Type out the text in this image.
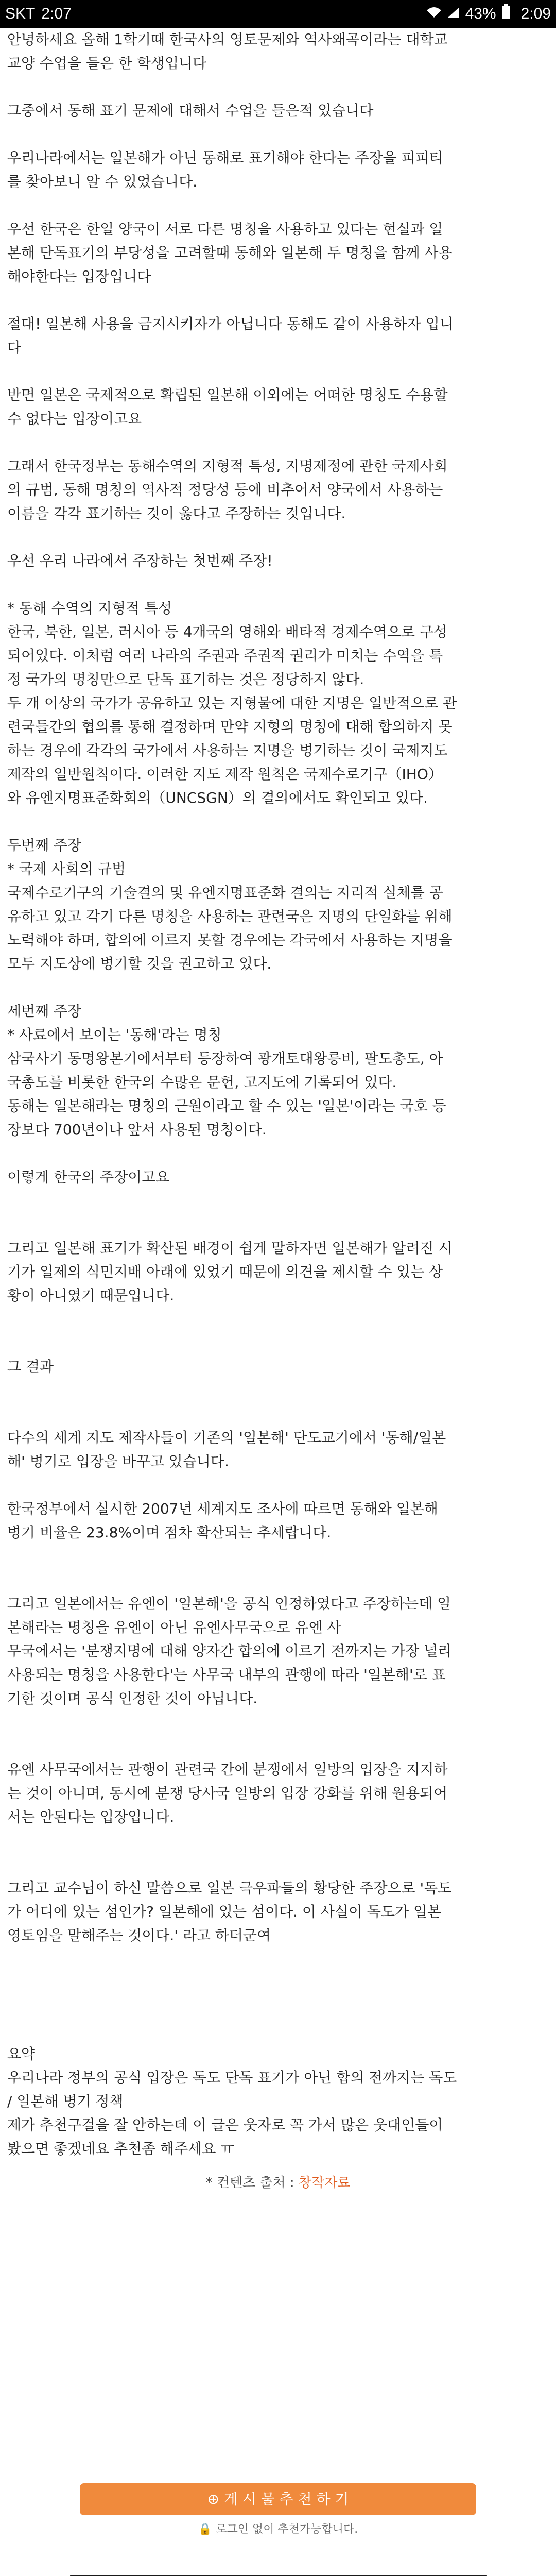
SKT 2:07	43% 2:09
안녕하세요 올해 1학기때 한국사의 영토문제와 역사왜곡이라는 대학교
교양 수업을 들은 한 학생입니다
그중에서 동해 표기 문제에 대해서 수업을 들은적 있습니다
우리나라에서는 일본해가 아닌 동해로 표기해야 한다는 주장을 피피티
를 찾아보니 알 수 있었습니다.
우선 한국은 한일 양국이 서로 다른 명칭을 사용하고 있다는 현실과 일
본해 단독표기의 부당성을 고려할때 동해와 일본해 두 명칭을 함께 사용
해야한다는 입장입니다
절대! 일본해 사용을 금지시키자가 아닙니다 동해도 같이 사용하자 입니
다
반면 일본은 국제적으로 확립된 일본해 이외에는 어떠한 명칭도 수용할
수 없다는 입장이고요
그래서 한국정부는 동해수역의 지형적 특성, 지명제정에 관한 국제사회
의 규범, 동해 명칭의 역사적 정당성 등에 비추어서 양국에서 사용하는
이름을 각각 표기하는 것이 옳다고 주장하는 것입니다.
우선 우리 나라에서 주장하는 첫번째 주장!
* 동해 수역의 지형적 특성
한국, 북한, 일본, 러시아 등 4개국의 영해와 배타적 경제수역으로 구성
되어있다. 이처럼 여러 나라의 주권과 주권적 권리가 미치는 수역을 특
정 국가의 명칭만으로 단독 표기하는 것은 정당하지 않다.
두 개 이상의 국가가 공유하고 있는 지형물에 대한 지명은 일반적으로 관
련국들간의 협의를 통해 결정하며 만약 지형의 명칭에 대해 합의하지 못
하는 경우에 각각의 국가에서 사용하는 지명을 병기하는 것이 국제지도
제작의 일반원칙이다. 이러한 지도 제작 원칙은 국제수로기구（IHO）
와 유엔지명표준화회의（UNCSGN）의 결의에서도 확인되고 있다.
두번째 주장
* 국제 사회의 규범
국제수로기구의 기술결의 및 유엔지명표준화 결의는 지리적 실체를 공
유하고 있고 각기 다른 명칭을 사용하는 관련국은 지명의 단일화를 위해
노력해야 하며, 합의에 이르지 못할 경우에는 각국에서 사용하는 지명을
모두 지도상에 병기할 것을 권고하고 있다.
세번째 주장
* 사료에서 보이는 '동해'라는 명칭
삼국사기 동명왕본기에서부터 등장하여 광개토대왕릉비, 팔도총도, 아
국총도를 비롯한 한국의 수많은 문헌, 고지도에 기록되어 있다.
동해는 일본해라는 명칭의 근원이라고 할 수 있는 '일본'이라는 국호 등
장보다 700년이나 앞서 사용된 명칭이다.
이렇게 한국의 주장이고요
그리고 일본해 표기가 확산된 배경이 쉽게 말하자면 일본해가 알려진 시
기가 일제의 식민지배 아래에 있었기 때문에 의견을 제시할 수 있는 상
황이 아니였기 때문입니다.
그 결과
다수의 세계 지도 제작사들이 기존의 '일본해' 단도교기에서 '동해/일본
해' 병기로 입장을 바꾸고 있습니다.
한국정부에서 실시한 2007년 세계지도 조사에 따르면 동해와 일본해
병기 비율은 23.8%이며 점차 확산되는 추세랍니다.
그리고 일본에서는 유엔이 '일본해'을 공식 인정하였다고 주장하는데 일
본해라는 명칭을 유엔이 아닌 유엔사무국으로 유엔 사
무국에서는 '분쟁지명에 대해 양자간 합의에 이르기 전까지는 가장 널리
사용되는 명칭을 사용한다'는 사무국 내부의 관행에 따라 '일본해'로 표
기한 것이며 공식 인정한 것이 아닙니다.
유엔 사무국에서는 관행이 관련국 간에 분쟁에서 일방의 입장을 지지하
는 것이 아니며, 동시에 분쟁 당사국 일방의 입장 강화를 위해 원용되어
서는 안된다는 입장입니다.
그리고 교수님이 하신 말씀으로 일본 극우파들의 황당한 주장으로 '독도
가 어디에 있는 섬인가? 일본해에 있는 섬이다. 이 사실이 독도가 일본
영토임을 말해주는 것이다.' 라고 하더군여
요약
우리나라 정부의 공식 입장은 독도 단독 표기가 아닌 합의 전까지는 독도
/ 일본해 병기 정책
제가 추천구걸을 잘 안하는데 이 글은 웃자로 꼭 가서 많은 웃대인들이
봤으면 좋겠네요 추천좀 해주세요 ㅠ
* 컨텐츠 출처 : 창작자료
⊕ 게 시 물 추 천 하 기
🔒 로그인 없이 추천가능합니다.
